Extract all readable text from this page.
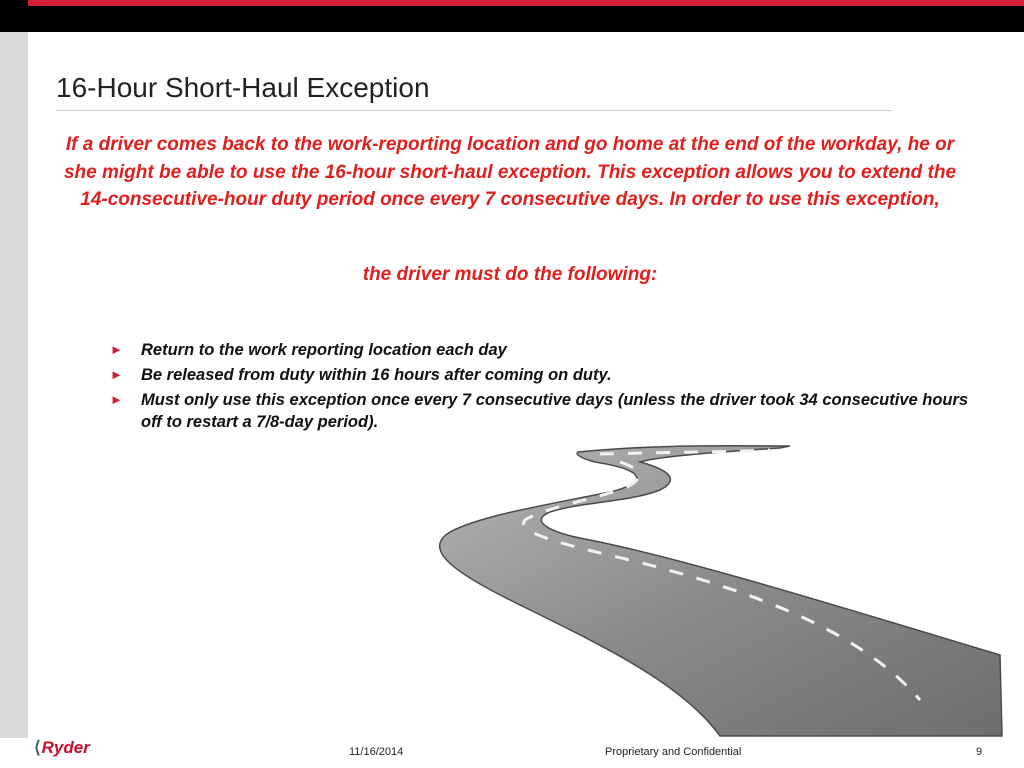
16-Hour Short-Haul Exception

If a driver comes back to the work-reporting location and go home at the end of the workday, he or she might be able to use the 16-hour short-haul exception. This exception allows you to extend the 14-consecutive-hour duty period once every 7 consecutive days. In order to use this exception,

the driver must do the following:

► Return to the work reporting location each day
► Be released from duty within 16 hours after coming on duty.
► Must only use this exception once every 7 consecutive days (unless the driver took 34 consecutive hours off to restart a 7/8-day period).
⟨Ryder	11/16/2014	Proprietary and Confidential	9
